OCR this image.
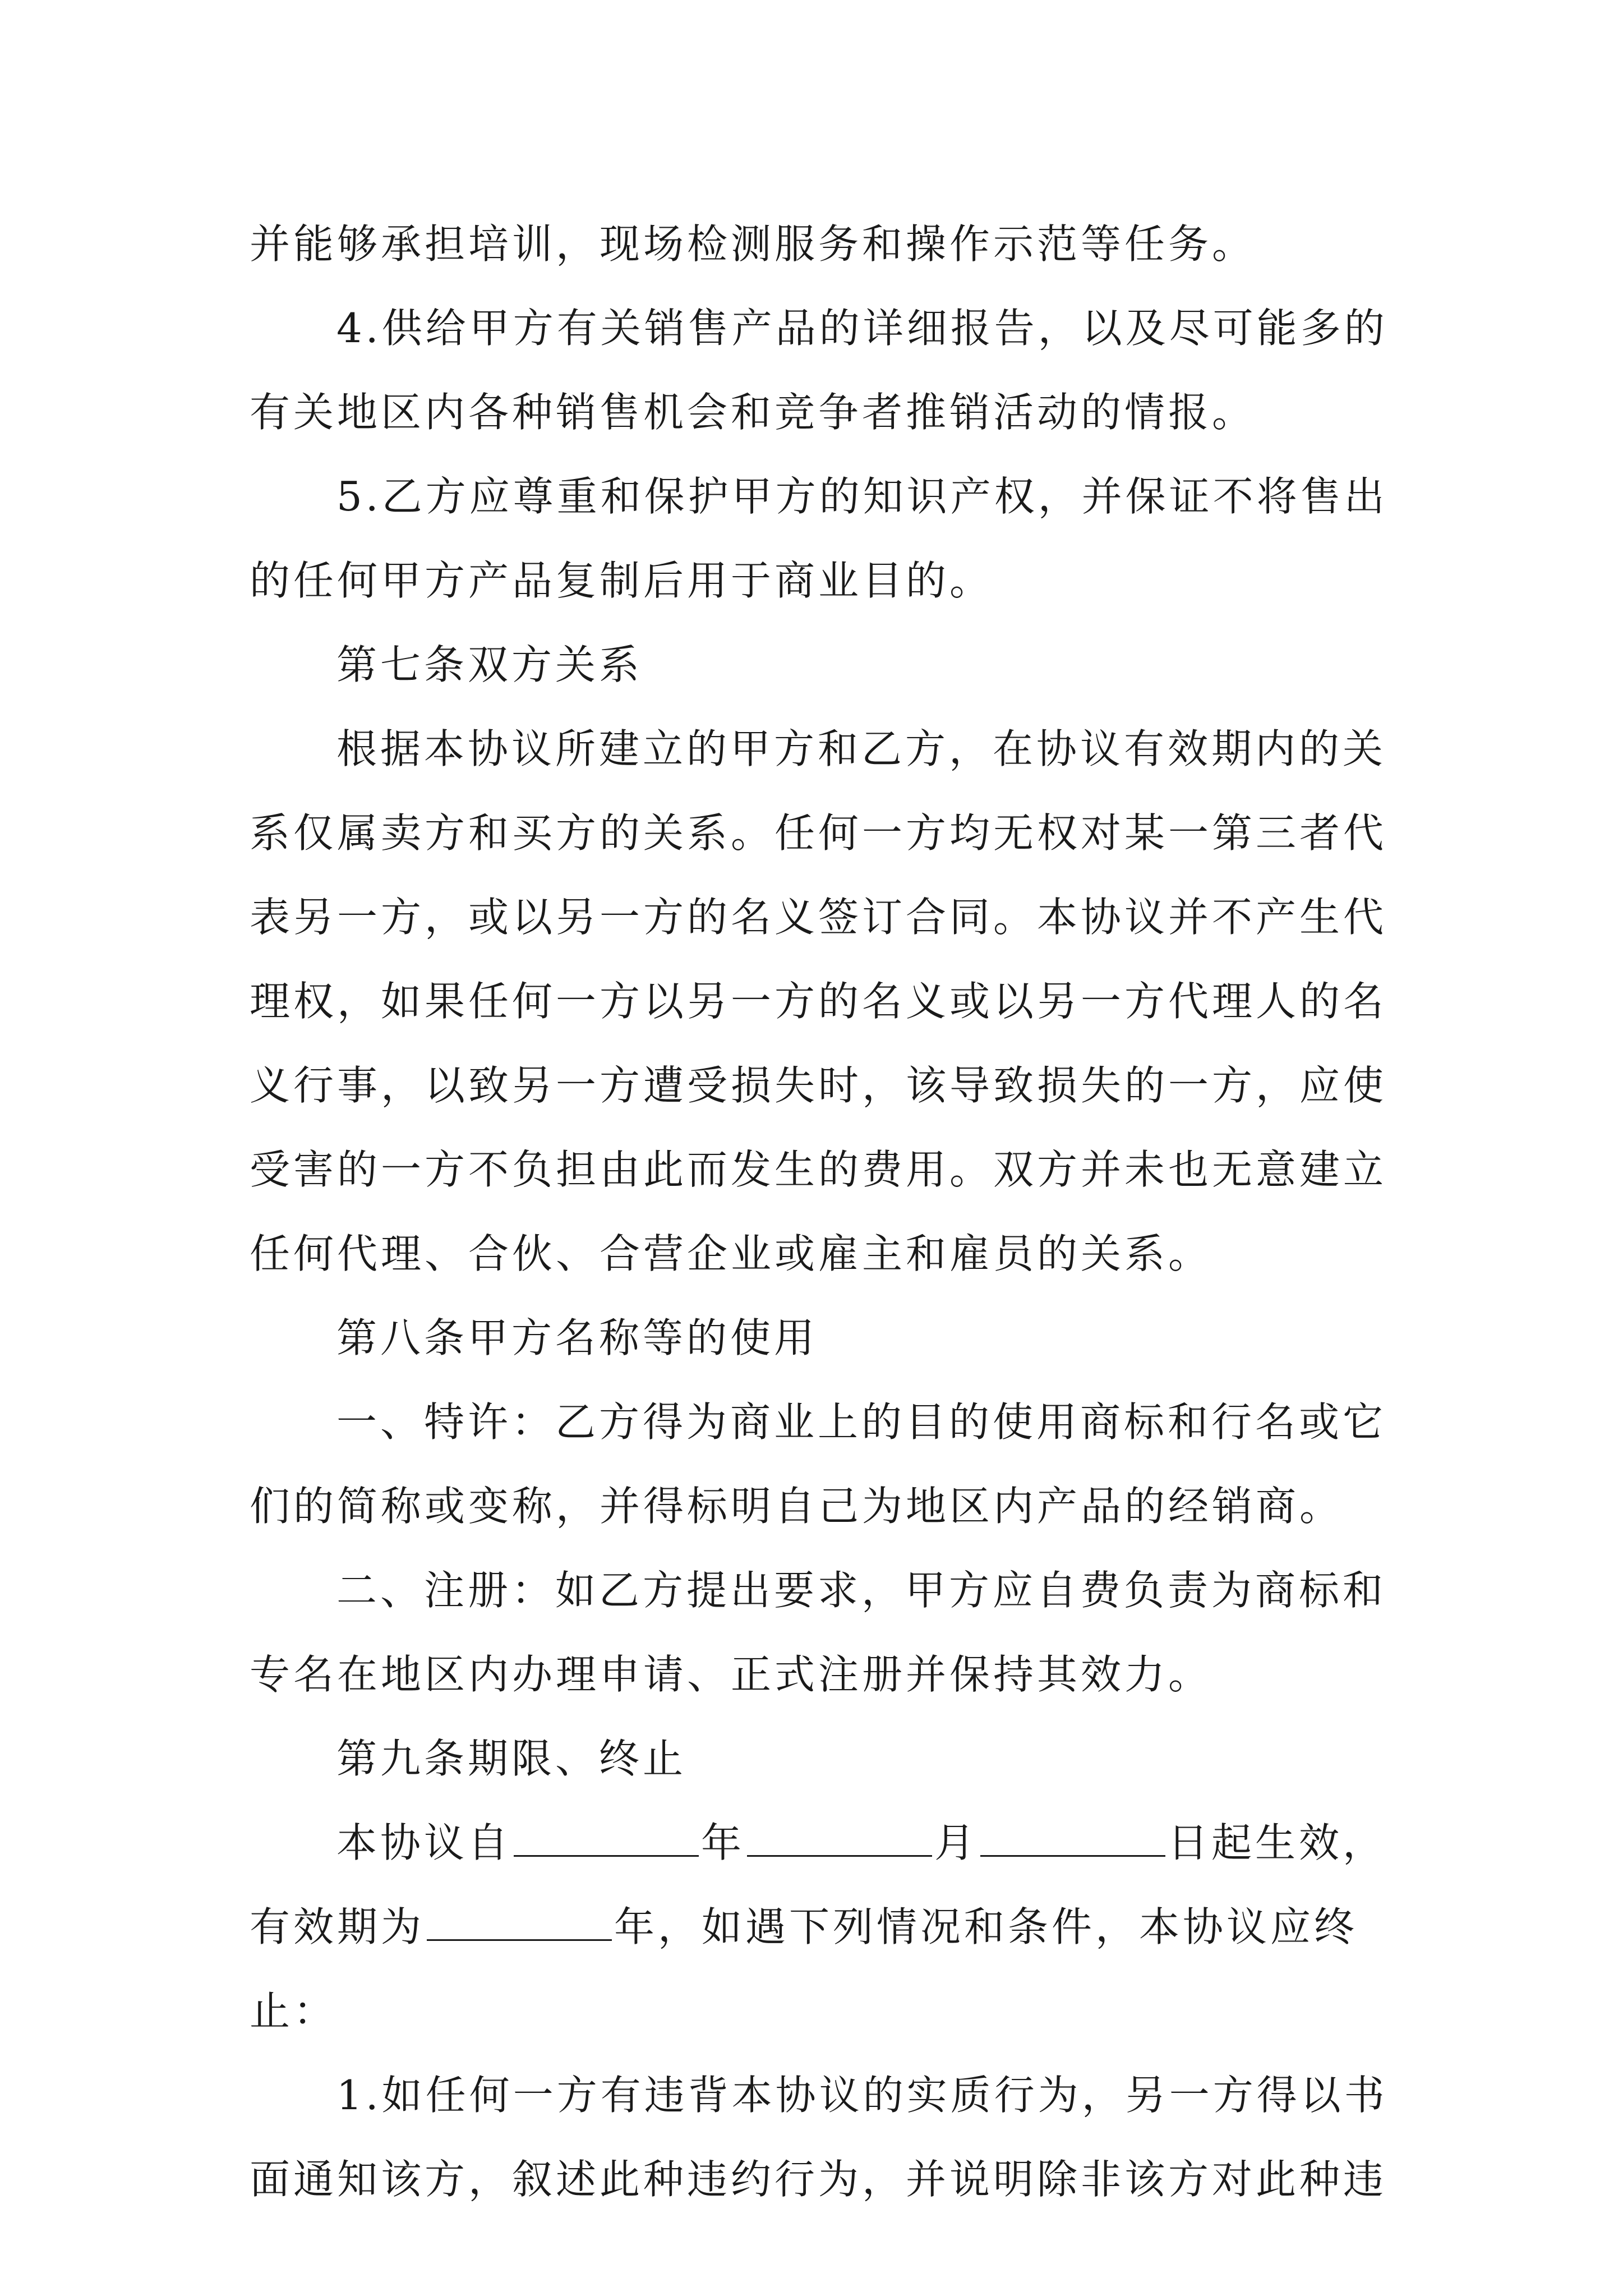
并能够承担培训，现场检测服务和操作示范等任务。
4.供给甲方有关销售产品的详细报告，以及尽可能多的
有关地区内各种销售机会和竞争者推销活动的情报。
5.乙方应尊重和保护甲方的知识产权，并保证不将售出
的任何甲方产品复制后用于商业目的。
第七条双方关系
根据本协议所建立的甲方和乙方，在协议有效期内的关
系仅属卖方和买方的关系。任何一方均无权对某一第三者代
表另一方，或以另一方的名义签订合同。本协议并不产生代
理权，如果任何一方以另一方的名义或以另一方代理人的名
义行事，以致另一方遭受损失时，该导致损失的一方，应使
受害的一方不负担由此而发生的费用。双方并未也无意建立
任何代理、合伙、合营企业或雇主和雇员的关系。
第八条甲方名称等的使用
一、特许：乙方得为商业上的目的使用商标和行名或它
们的简称或变称，并得标明自己为地区内产品的经销商。
二、注册：如乙方提出要求，甲方应自费负责为商标和
专名在地区内办理申请、正式注册并保持其效力。
第九条期限、终止
本协议自	年	月	日起生效，
有效期为	年，如遇下列情况和条件，本协议应终
止：
1.如任何一方有违背本协议的实质行为，另一方得以书
面通知该方，叙述此种违约行为，并说明除非该方对此种违
